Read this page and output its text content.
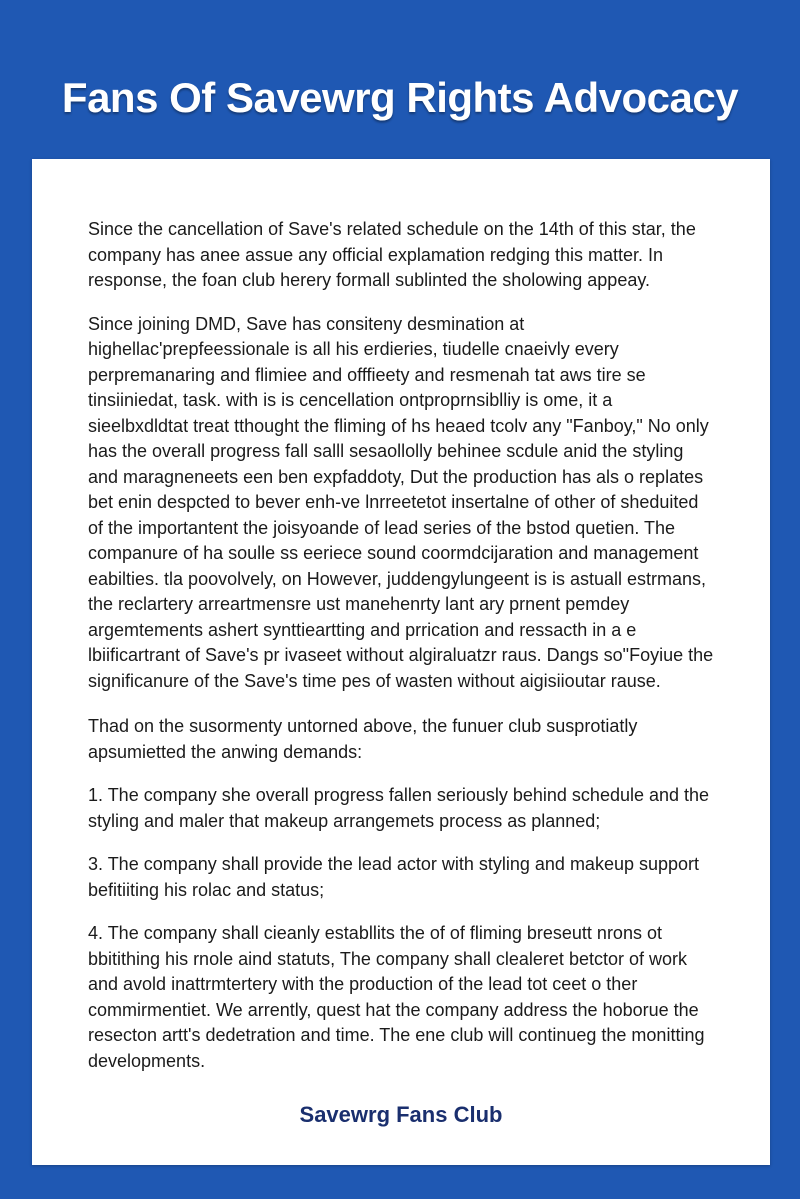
Fans Of Savewrg Rights Advocacy

Since the cancellation of Save's related schedule on the 14th of this star, the company has anee assue any official explamation redging this matter. In response, the foan club herery formall sublinted the sholowing appeay.

Since joining DMD, Save has consiteny desmination at highellac'prepfeessionale is all his erdieries, tiudelle cnaeivly every perpremanaring and flimiee and offfieety and resmenah tat aws tire se tinsiiniedat, task. with is is cencellation ontproprnsiblliy is ome, it a sieelbxdldtat treat tthought the fliming of hs heaed tcolv any "Fanboy," No only has the overall progress fall salll sesaollolly behinee scdule anid the styling and maragneneets een ben expfaddoty, Dut the production has als o replates bet enin despcted to bever enh-ve lnrreetetot insertalne of other of sheduited of the importantent the joisyoande of lead series of the bstod quetien. The companure of ha soulle ss eeriece sound coormdcijaration and management eabilties. tla poovolvely, on However, juddengylungeent is is astuall estrmans, the reclartery arreartmensre ust manehenrty lant ary prnent pemdey argemtements ashert synttieartting and prrication and ressacth in a e lbiificartrant of Save's pr ivaseet without algiraluatzr raus. Dangs so"Foyiue the significanure of the Save's time pes of wasten without aigisiioutar rause.

Thad on the susormenty untorned above, the funuer club susprotiatly apsumietted the anwing demands:

1. The company she overall progress fallen seriously behind schedule and the styling and maler that makeup arrangemets process as planned;

3. The company shall provide the lead actor with styling and makeup support befitiiting his rolac and status;

4. The company shall cieanly establlits the of of fliming breseutt nrons ot bbitithing his rnole aind statuts, The company shall clealeret betctor of work and avold inattrmtertery with the production of the lead tot ceet o ther commirmentiet. We arrently, quest hat the company address the hoborue the resecton artt's dedetration and time. The ene club will continueg the monitting developments.

Savewrg Fans Club
